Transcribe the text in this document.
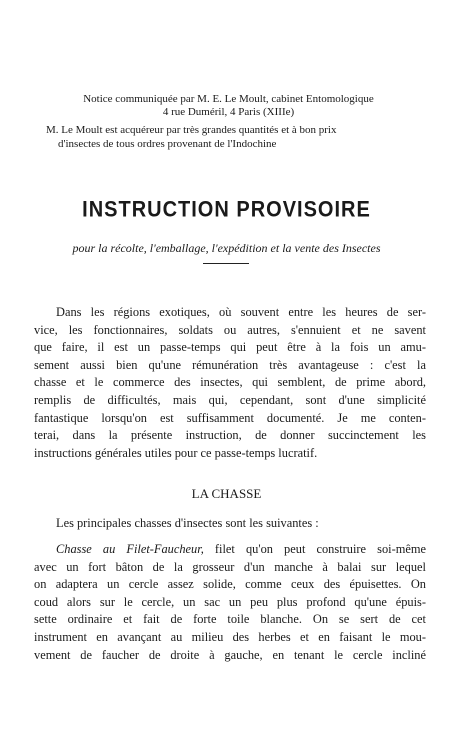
Notice communiquée par M. E. Le Moult, cabinet Entomologique
4 rue Duméril, 4 Paris (XIIIe)
M. Le Moult est acquéreur par très grandes quantités et à bon prix
d'insectes de tous ordres provenant de l'Indochine
INSTRUCTION PROVISOIRE
pour la récolte, l'emballage, l'expédition et la vente des Insectes
Dans les régions exotiques, où souvent entre les heures de ser-
vice, les fonctionnaires, soldats ou autres, s'ennuient et ne savent
que faire, il est un passe-temps qui peut être à la fois un amu-
sement aussi bien qu'une rémunération très avantageuse : c'est la
chasse et le commerce des insectes, qui semblent, de prime abord,
remplis de difficultés, mais qui, cependant, sont d'une simplicité
fantastique lorsqu'on est suffisamment documenté. Je me conten-
terai, dans la présente instruction, de donner succinctement les
instructions générales utiles pour ce passe-temps lucratif.
LA CHASSE
Les principales chasses d'insectes sont les suivantes :
Chasse au Filet-Faucheur, filet qu'on peut construire soi-même
avec un fort bâton de la grosseur d'un manche à balai sur lequel
on adaptera un cercle assez solide, comme ceux des épuisettes. On
coud alors sur le cercle, un sac un peu plus profond qu'une épuis-
sette ordinaire et fait de forte toile blanche. On se sert de cet
instrument en avançant au milieu des herbes et en faisant le mou-
vement de faucher de droite à gauche, en tenant le cercle incliné
